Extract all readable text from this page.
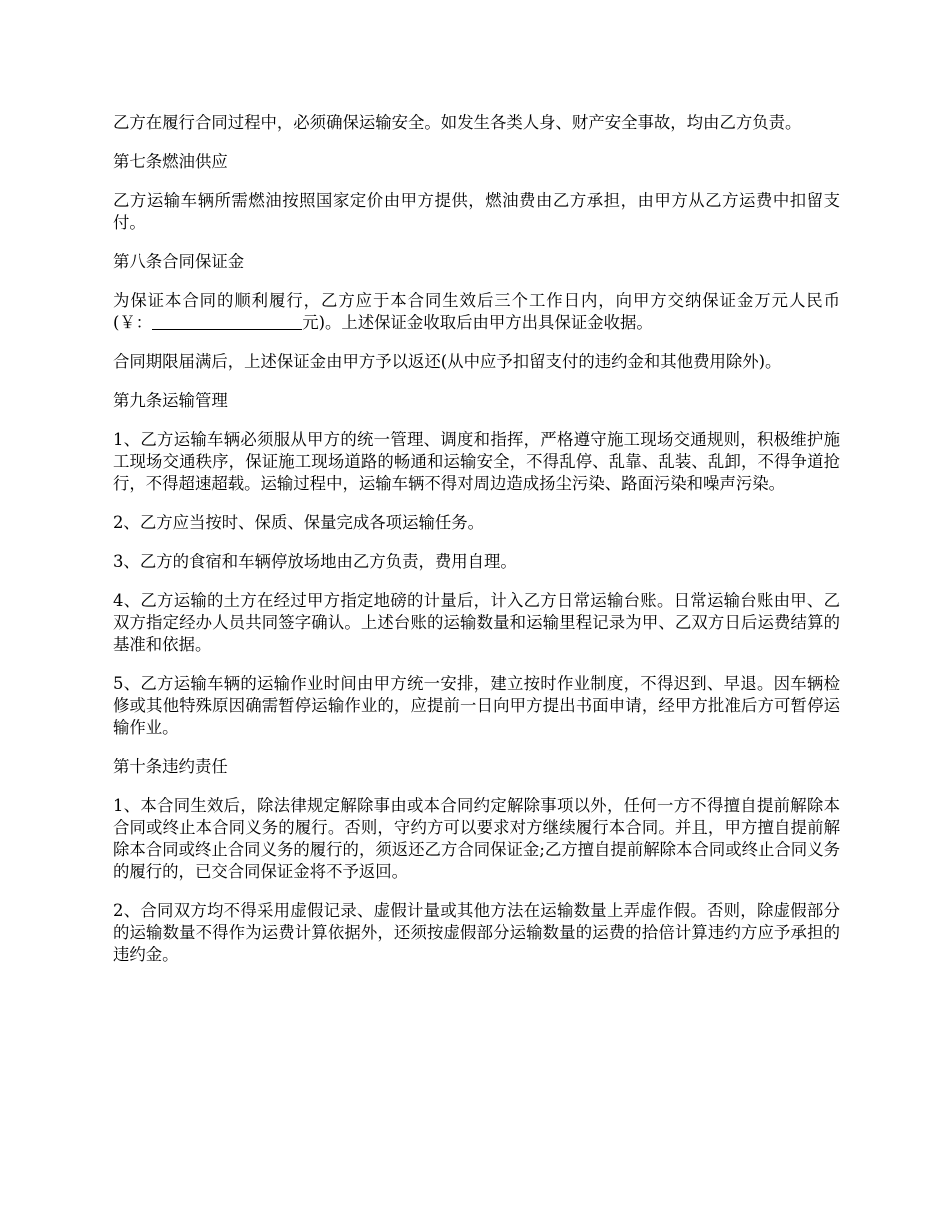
乙方在履行合同过程中，必须确保运输安全。如发生各类人身、财产安全事故，均由乙方负责。

第七条燃油供应

乙方运输车辆所需燃油按照国家定价由甲方提供，燃油费由乙方承担，由甲方从乙方运费中扣留支付。

第八条合同保证金

为保证本合同的顺利履行，乙方应于本合同生效后三个工作日内，向甲方交纳保证金万元人民币(￥：	元)。上述保证金收取后由甲方出具保证金收据。

合同期限届满后，上述保证金由甲方予以返还(从中应予扣留支付的违约金和其他费用除外)。

第九条运输管理

1、乙方运输车辆必须服从甲方的统一管理、调度和指挥，严格遵守施工现场交通规则，积极维护施工现场交通秩序，保证施工现场道路的畅通和运输安全，不得乱停、乱靠、乱装、乱卸，不得争道抢行，不得超速超载。运输过程中，运输车辆不得对周边造成扬尘污染、路面污染和噪声污染。

2、乙方应当按时、保质、保量完成各项运输任务。

3、乙方的食宿和车辆停放场地由乙方负责，费用自理。

4、乙方运输的土方在经过甲方指定地磅的计量后，计入乙方日常运输台账。日常运输台账由甲、乙双方指定经办人员共同签字确认。上述台账的运输数量和运输里程记录为甲、乙双方日后运费结算的基准和依据。

5、乙方运输车辆的运输作业时间由甲方统一安排，建立按时作业制度，不得迟到、早退。因车辆检修或其他特殊原因确需暂停运输作业的，应提前一日向甲方提出书面申请，经甲方批准后方可暂停运输作业。

第十条违约责任

1、本合同生效后，除法律规定解除事由或本合同约定解除事项以外，任何一方不得擅自提前解除本合同或终止本合同义务的履行。否则，守约方可以要求对方继续履行本合同。并且，甲方擅自提前解除本合同或终止合同义务的履行的，须返还乙方合同保证金;乙方擅自提前解除本合同或终止合同义务的履行的，已交合同保证金将不予返回。

2、合同双方均不得采用虚假记录、虚假计量或其他方法在运输数量上弄虚作假。否则，除虚假部分的运输数量不得作为运费计算依据外，还须按虚假部分运输数量的运费的拾倍计算违约方应予承担的违约金。
